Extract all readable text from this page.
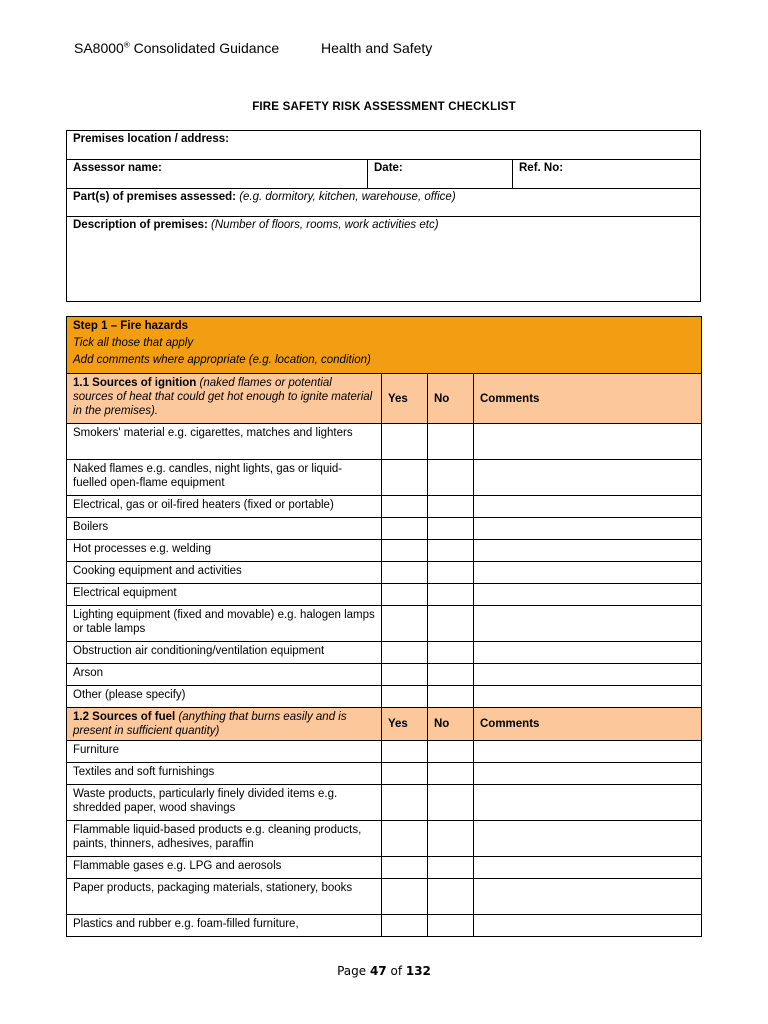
SA8000® Consolidated Guidance	Health and Safety
FIRE SAFETY RISK ASSESSMENT CHECKLIST
Premises location / address:
Assessor name:	Date:	Ref. No:
Part(s) of premises assessed: (e.g. dormitory, kitchen, warehouse, office)
Description of premises: (Number of floors, rooms, work activities etc)
Step 1 – Fire hazards
Tick all those that apply
Add comments where appropriate (e.g. location, condition)			

1.1 Sources of ignition (naked flames or potential sources of heat that could get hot enough to ignite material in the premises).	Yes	No	Comments
Smokers' material e.g. cigarettes, matches and lighters			
Naked flames e.g. candles, night lights, gas or liquid-fuelled open-flame equipment			
Electrical, gas or oil-fired heaters (fixed or portable)			
Boilers			
Hot processes e.g. welding			
Cooking equipment and activities			
Electrical equipment			
Lighting equipment (fixed and movable) e.g. halogen lamps or table lamps			
Obstruction air conditioning/ventilation equipment			
Arson			
Other (please specify)			
1.2 Sources of fuel (anything that burns easily and is present in sufficient quantity)	Yes	No	Comments
Furniture			
Textiles and soft furnishings			
Waste products, particularly finely divided items e.g. shredded paper, wood shavings			
Flammable liquid-based products e.g. cleaning products, paints, thinners, adhesives, paraffin			
Flammable gases e.g. LPG and aerosols			
Paper products, packaging materials, stationery, books			
Plastics and rubber e.g. foam-filled furniture,			
Page 47 of 132
